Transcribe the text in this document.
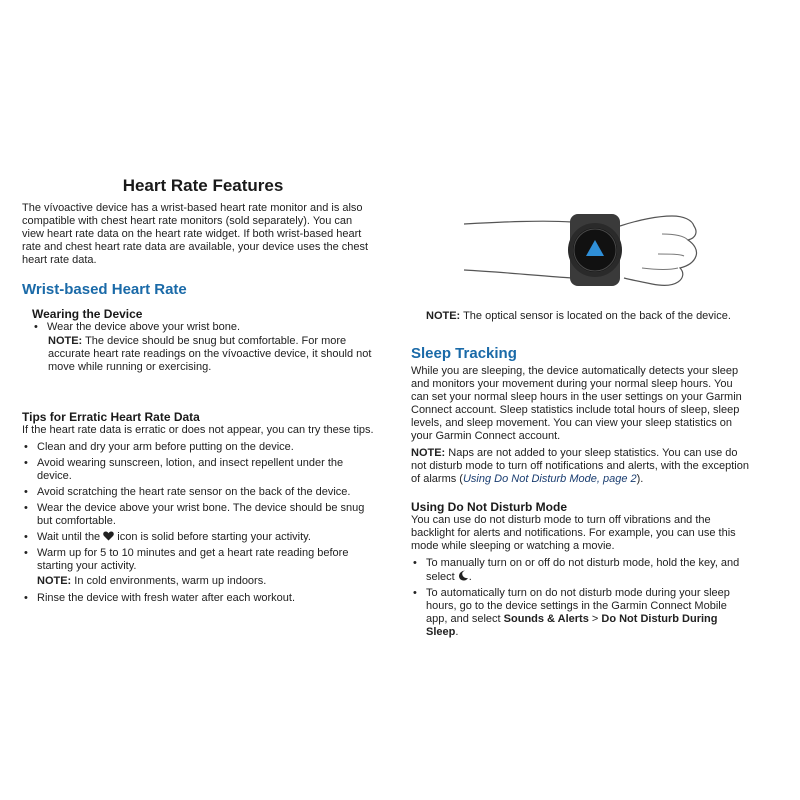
Heart Rate Features

The vívoactive device has a wrist-based heart rate monitor and is also compatible with chest heart rate monitors (sold separately). You can view heart rate data on the heart rate widget. If both wrist-based heart rate and chest heart rate data are available, your device uses the chest heart rate data.

Wrist-based Heart Rate
Wearing the Device
• Wear the device above your wrist bone.

NOTE: The device should be snug but comfortable. For more accurate heart rate readings on the vívoactive device, it should not move while running or exercising.

Tips for Erratic Heart Rate Data

If the heart rate data is erratic or does not appear, you can try these tips.

• Clean and dry your arm before putting on the device.
• Avoid wearing sunscreen, lotion, and insect repellent under the device.
• Avoid scratching the heart rate sensor on the back of the device.
• Wear the device above your wrist bone. The device should be snug but comfortable.
• Wait until the  icon is solid before starting your activity.
• Warm up for 5 to 10 minutes and get a heart rate reading before starting your activity.

NOTE: In cold environments, warm up indoors.

• Rinse the device with fresh water after each workout.

NOTE: The optical sensor is located on the back of the device.

Sleep Tracking

While you are sleeping, the device automatically detects your sleep and monitors your movement during your normal sleep hours. You can set your normal sleep hours in the user settings on your Garmin Connect account. Sleep statistics include total hours of sleep, sleep levels, and sleep movement. You can view your sleep statistics on your Garmin Connect account.

NOTE: Naps are not added to your sleep statistics. You can use do not disturb mode to turn off notifications and alerts, with the exception of alarms (Using Do Not Disturb Mode, page 2).

Using Do Not Disturb Mode

You can use do not disturb mode to turn off vibrations and the backlight for alerts and notifications. For example, you can use this mode while sleeping or watching a movie.

• To manually turn on or off do not disturb mode, hold the key, and select .
• To automatically turn on do not disturb mode during your sleep hours, go to the device settings in the Garmin Connect Mobile app, and select Sounds & Alerts > Do Not Disturb During Sleep.
